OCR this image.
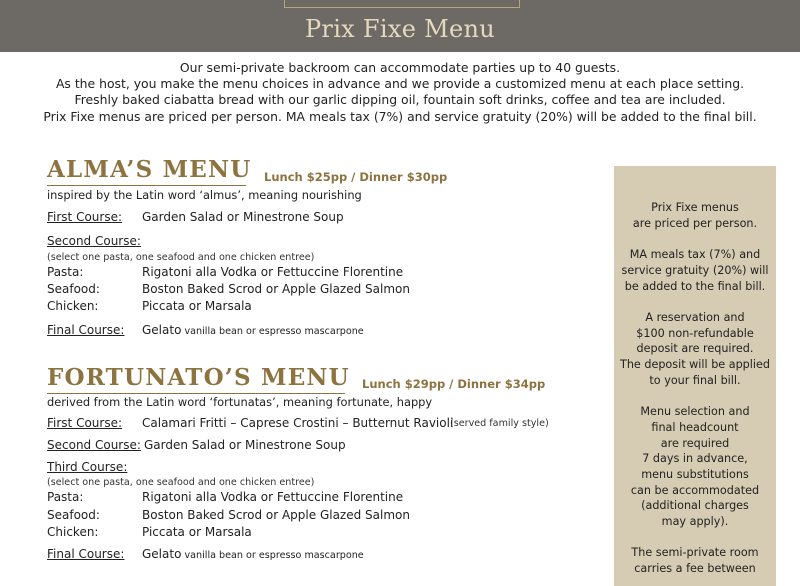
Prix Fixe Menu
Our semi-private backroom can accommodate parties up to 40 guests.
As the host, you make the menu choices in advance and we provide a customized menu at each place setting.
Freshly baked ciabatta bread with our garlic dipping oil, fountain soft drinks, coffee and tea are included.
Prix Fixe menus are priced per person. MA meals tax (7%) and service gratuity (20%) will be added to the final bill.
ALMA’S MENU Lunch $25pp / Dinner $30pp
inspired by the Latin word ‘almus’, meaning nourishing
First Course: Garden Salad or Minestrone Soup
Second Course:
(select one pasta, one seafood and one chicken entree)
Pasta:	Rigatoni alla Vodka or Fettuccine Florentine
Seafood:	Boston Baked Scrod or Apple Glazed Salmon
Chicken:	Piccata or Marsala
Final Course: Gelato vanilla bean or espresso mascarpone
FORTUNATO’S MENU Lunch $29pp / Dinner $34pp
derived from the Latin word ‘fortunatas’, meaning fortunate, happy
First Course: Calamari Fritti – Caprese Crostini – Butternut Ravioli
(served family style)
Second Course: Garden Salad or Minestrone Soup
Third Course:
(select one pasta, one seafood and one chicken entree)
Pasta:	Rigatoni alla Vodka or Fettuccine Florentine
Seafood:	Boston Baked Scrod or Apple Glazed Salmon
Chicken:	Piccata or Marsala
Final Course: Gelato vanilla bean or espresso mascarpone
Prix Fixe menus
are priced per person.
MA meals tax (7%) and
service gratuity (20%) will
be added to the final bill.
A reservation and
$100 non-refundable
deposit are required.
The deposit will be applied
to your final bill.
Menu selection and
final headcount
are required
7 days in advance,
menu substitutions
can be accommodated
(additional charges
may apply).
The semi-private room
carries a fee between
